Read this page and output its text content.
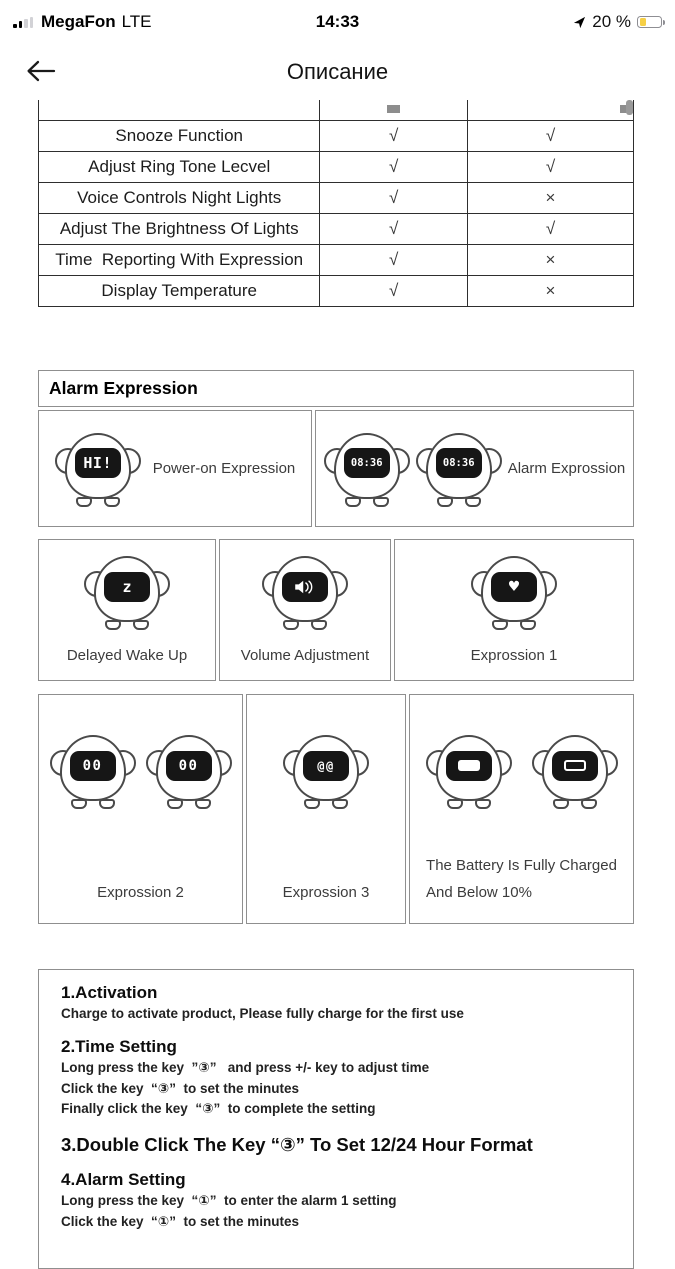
MegaFon LTE	14:33	20 %
Описание

Snooze Function	√	√
Adjust Ring Tone Lecvel	√	√
Voice Controls Night Lights	√	×
Adjust The Brightness Of Lights	√	√
Time  Reporting With Expression	√	×
Display Temperature	√	×
Alarm Expression
HI!	Power-on Expression	08:36	08:36 Alarm Exprossion
z
Delayed Wake Up	Volume Adjustment
♥
Exprossion 1
00	00
Exprossion 2
@@
Exprossion 3
The Battery Is Fully Charged
And Below 10%
1.Activation
Charge to activate product, Please fully charge for the first use
2.Time Setting
Long press the key  ”③”   and press +/- key to adjust time
Click the key  “③”  to set the minutes
Finally click the key  “③”  to complete the setting
3.Double Click The Key “③” To Set 12/24 Hour Format
4.Alarm Setting
Long press the key  “①”  to enter the alarm 1 setting
Click the key  “①”  to set the minutes
